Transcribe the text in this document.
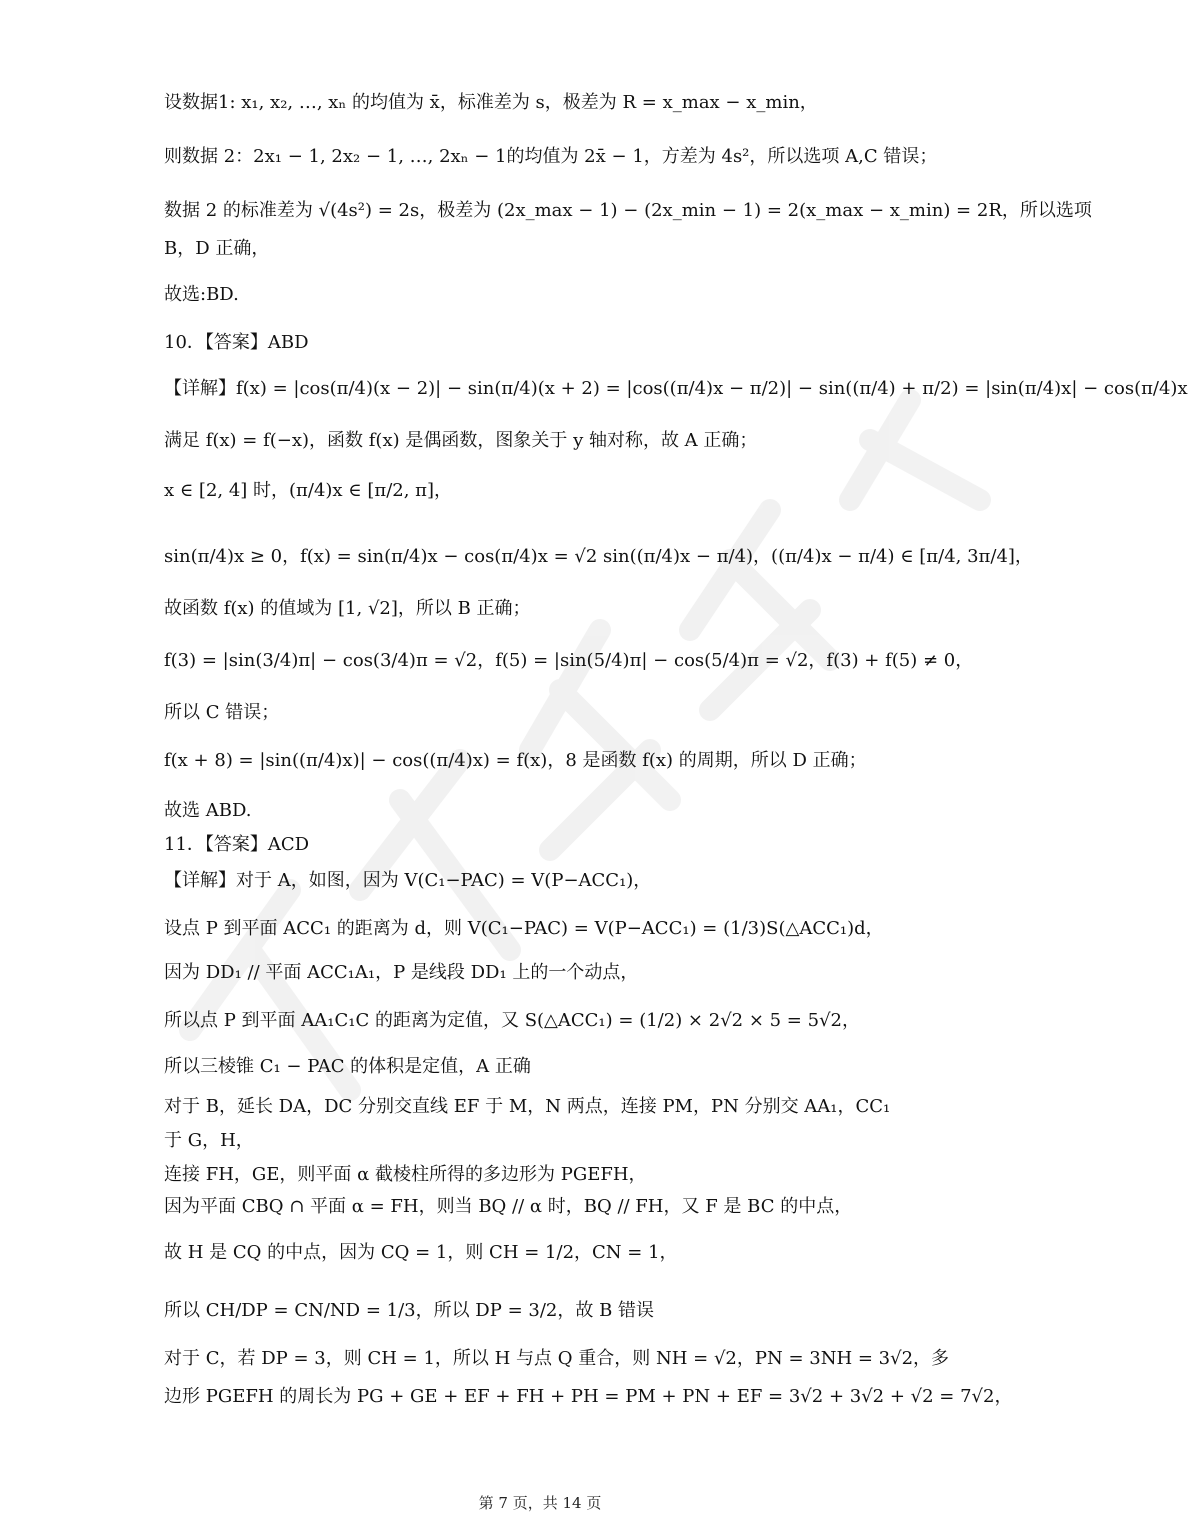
设数据1: x₁, x₂, …, xₙ 的均值为 x̄，标准差为 s，极差为 R = x_max − x_min，
则数据 2：2x₁ − 1, 2x₂ − 1, …, 2xₙ − 1的均值为 2x̄ − 1，方差为 4s²，所以选项 A,C 错误；
数据 2 的标准差为 √(4s²) = 2s，极差为 (2x_max − 1) − (2x_min − 1) = 2(x_max − x_min) = 2R，所以选项
B，D 正确，
故选:BD.
10．【答案】ABD
【详解】f(x) = |cos(π/4)(x − 2)| − sin(π/4)(x + 2) = |cos((π/4)x − π/2)| − sin((π/4) + π/2) = |sin(π/4)x| − cos(π/4)x
满足 f(x) = f(−x)，函数 f(x) 是偶函数，图象关于 y 轴对称，故 A 正确；
x ∈ [2, 4] 时，(π/4)x ∈ [π/2, π]，
sin(π/4)x ≥ 0，f(x) = sin(π/4)x − cos(π/4)x = √2 sin((π/4)x − π/4)，((π/4)x − π/4) ∈ [π/4, 3π/4]，
故函数 f(x) 的值域为 [1, √2]，所以 B 正确；
f(3) = |sin(3/4)π| − cos(3/4)π = √2，f(5) = |sin(5/4)π| − cos(5/4)π = √2，f(3) + f(5) ≠ 0，
所以 C 错误；
f(x + 8) = |sin((π/4)x)| − cos((π/4)x) = f(x)，8 是函数 f(x) 的周期，所以 D 正确；
故选 ABD.
11．【答案】ACD
【详解】对于 A，如图，因为 V(C₁−PAC) = V(P−ACC₁)，
设点 P 到平面 ACC₁ 的距离为 d，则 V(C₁−PAC) = V(P−ACC₁) = (1/3)S(△ACC₁)d，
因为 DD₁ // 平面 ACC₁A₁，P 是线段 DD₁ 上的一个动点，
所以点 P 到平面 AA₁C₁C 的距离为定值，又 S(△ACC₁) = (1/2) × 2√2 × 5 = 5√2，
所以三棱锥 C₁ − PAC 的体积是定值，A 正确
对于 B，延长 DA，DC 分别交直线 EF 于 M，N 两点，连接 PM，PN 分别交 AA₁，CC₁
于 G，H，
连接 FH，GE，则平面 α 截棱柱所得的多边形为 PGEFH，
因为平面 CBQ ∩ 平面 α = FH，则当 BQ // α 时，BQ // FH，又 F 是 BC 的中点，
故 H 是 CQ 的中点，因为 CQ = 1，则 CH = 1/2，CN = 1，
所以 CH/DP = CN/ND = 1/3，所以 DP = 3/2，故 B 错误
对于 C，若 DP = 3，则 CH = 1，所以 H 与点 Q 重合，则 NH = √2，PN = 3NH = 3√2，多
边形 PGEFH 的周长为 PG + GE + EF + FH + PH = PM + PN + EF = 3√2 + 3√2 + √2 = 7√2，
第 7 页，共 14 页
